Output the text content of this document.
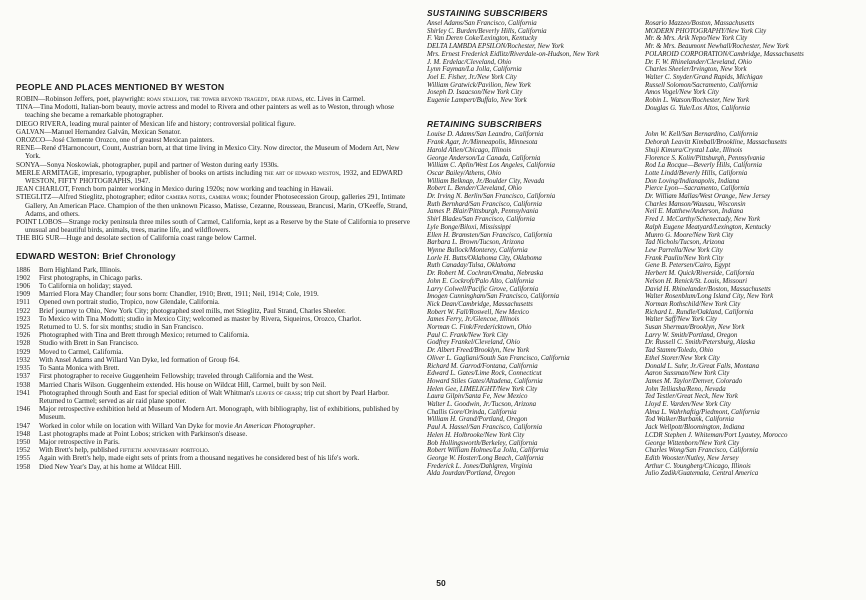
PEOPLE AND PLACES MENTIONED BY WESTON

ROBIN—Robinson Jeffers, poet, playwright: roan stallion, the tower beyond tragedy, dear judas, etc. Lives in Carmel.

TINA—Tina Modotti, Italian-born beauty, movie actress and model to Rivera and other painters as well as to Weston, through whose teaching she became a remarkable photographer.

DIEGO RIVERA, leading mural painter of Mexican life and history; controversial political figure.

GALVAN—Manuel Hernandez Galván, Mexican Senator.

OROZCO—José Clemente Orozco, one of greatest Mexican painters.

RENE—René d'Harnoncourt, Count, Austrian born, at that time living in Mexico City. Now director, the Museum of Modern Art, New York.

SONYA—Sonya Noskowiak, photographer, pupil and partner of Weston during early 1930s.

MERLE ARMITAGE, impresario, typographer, publisher of books on artists including the art of edward weston, 1932, and EDWARD WESTON, FIFTY PHOTOGRAPHS, 1947.

JEAN CHARLOT, French born painter working in Mexico during 1920s; now working and teaching in Hawaii.

STIEGLITZ—Alfred Stieglitz, photographer; editor camera notes, camera work; founder Photosecession Group, galleries 291, Intimate Gallery, An American Place. Champion of the then unknown Picasso, Matisse, Cezanne, Rousseau, Brancusi, Marin, O'Keeffe, Strand, Adams, and others.

POINT LOBOS—Strange rocky peninsula three miles south of Carmel, California, kept as a Reserve by the State of California to preserve unusual and beautiful birds, animals, trees, marine life, and wildflowers.

THE BIG SUR—Huge and desolate section of California coast range below Carmel.

EDWARD WESTON: Brief Chronology
1886	Born Highland Park, Illinois.
1902	First photographs, in Chicago parks.
1906	To California on holiday; stayed.
1909	Married Flora May Chandler; four sons born: Chandler, 1910; Brett, 1911; Neil, 1914; Cole, 1919.
1911	Opened own portrait studio, Tropico, now Glendale, California.
1922	Brief journey to Ohio, New York City; photographed steel mills, met Stieglitz, Paul Strand, Charles Sheeler.
1923	To Mexico with Tina Modotti; studio in Mexico City; welcomed as master by Rivera, Siqueiros, Orozco, Charlot.
1925	Returned to U. S. for six months; studio in San Francisco.
1926	Photographed with Tina and Brett through Mexico; returned to California.
1928	Studio with Brett in San Francisco.
1929	Moved to Carmel, California.
1932	With Ansel Adams and Willard Van Dyke, led formation of Group f64.
1935	To Santa Monica with Brett.
1937	First photographer to receive Guggenheim Fellowship; traveled through California and the West.
1938	Married Charis Wilson. Guggenheim extended. His house on Wildcat Hill, Carmel, built by son Neil.
1941	Photographed through South and East for special edition of Walt Whitman's leaves of grass; trip cut short by Pearl Harbor. Returned to Carmel; served as air raid plane spotter.
1946	Major retrospective exhibition held at Museum of Modern Art. Monograph, with bibliography, list of exhibitions, published by Museum.
1947	Worked in color while on location with Willard Van Dyke for movie An American Photographer.
1948	Last photographs made at Point Lobos; stricken with Parkinson's disease.
1950	Major retrospective in Paris.
1952	With Brett's help, published fiftieth anniversary portfolio.
1955	Again with Brett's help, made eight sets of prints from a thousand negatives he considered best of his life's work.
1958	Died New Year's Day, at his home at Wildcat Hill.
SUSTAINING SUBSCRIBERS
Ansel Adams/San Francisco, California
Shirley C. Burden/Beverly Hills, California
F. Van Deren Coke/Lexington, Kentucky
DELTA LAMBDA EPSILON/Rochester, New York
Mrs. Ernest Frederick Eidlitz/Riverdale-on-Hudson, New York
J. M. Erdelac/Cleveland, Ohio
Lynn Fayman/La Jolla, California
Joel E. Fisher, Jr./New York City
William Gratwick/Pavilion, New York
Joseph D. Isaacson/New York City
Eugenie Lampert/Buffalo, New York
Rosario Mazzeo/Boston, Massachusetts
MODERN PHOTOGRAPHY/New York City
Mr. & Mrs. Arik Nepo/New York City
Mr. & Mrs. Beaumont Newhall/Rochester, New York
POLAROID CORPORATION/Cambridge, Massachusetts
Dr. F. W. Rhinelander/Cleveland, Ohio
Charles Sheeler/Irvington, New York
Walter C. Snyder/Grand Rapids, Michigan
Russell Solomon/Sacramento, California
Amos Vogel/New York City
Robin L. Watson/Rochester, New York
Douglas G. Yule/Los Altos, California
RETAINING SUBSCRIBERS
Louise D. Adams/San Leandro, California
Frank Agar, Jr./Minneapolis, Minnesota
Harold Allen/Chicago, Illinois
George Anderson/La Canada, California
William C. Aplin/West Los Angeles, California
Oscar Bailey/Athens, Ohio
William Belknap, Jr./Boulder City, Nevada
Robert L. Bender/Cleveland, Ohio
Dr. Irving N. Berlin/San Francisco, California
Ruth Bernhard/San Francisco, California
James P. Blair/Pittsburgh, Pennsylvania
Shirl Blades/San Francisco, California
Lyle Bonge/Biloxi, Mississippi
Ellen H. Bramsten/San Francisco, California
Barbara L. Brown/Tucson, Arizona
Wynne Bullock/Monterey, California
Lorle H. Butts/Oklahoma City, Oklahoma
Ruth Canaday/Tulsa, Oklahoma
Dr. Robert M. Cochran/Omaha, Nebraska
John E. Cockroft/Palo Alto, California
Larry Colwell/Pacific Grove, California
Imogen Cunningham/San Francisco, California
Nick Dean/Cambridge, Massachusetts
Robert W. Fall/Roswell, New Mexico
James Ferry, Jr./Glencoe, Illinois
Norman C. Fink/Fredericktown, Ohio
Paul C. Frank/New York City
Godfrey Frankel/Cleveland, Ohio
Dr. Albert Freed/Brooklyn, New York
Oliver L. Gagliani/South San Francisco, California
Richard M. Garrod/Fontana, California
Edward L. Gates/Lime Rock, Connecticut
Howard Stiles Gates/Altadena, California
Helen Gee, LIMELIGHT/New York City
Laura Gilpin/Santa Fe, New Mexico
Walter L. Goodwin, Jr./Tucson, Arizona
Challis Gore/Orinda, California
William H. Grand/Portland, Oregon
Paul A. Hassel/San Francisco, California
Helen H. Holbrooke/New York City
Bob Hollingsworth/Berkeley, California
Robert William Holmes/La Jolla, California
George W. Hoster/Long Beach, California
Frederick L. Jones/Dahlgren, Virginia
Alda Jourdan/Portland, Oregon
John W. Kell/San Bernardino, California
Deborah Leavitt Kimball/Brookline, Massachusetts
Shuji Kimura/Crystal Lake, Illinois
Florence S. Kolin/Pittsburgh, Pennsylvania
Rod La Rocque—Beverly Hills, California
Lotte Lindd/Beverly Hills, California
Don Loving/Indianapolis, Indiana
Pierce Lyon—Sacramento, California
Dr. William Mallas/West Orange, New Jersey
Charles Manson/Wausau, Wisconsin
Neil E. Matthew/Anderson, Indiana
Fred J. McCarthy/Schenectady, New York
Ralph Eugene Meatyard/Lexington, Kentucky
Munro G. Moore/New York City
Tad Nichols/Tucson, Arizona
Lew Parrella/New York City
Frank Paulin/New York City
Gene B. Petersen/Cairo, Egypt
Herbert M. Quick/Riverside, California
Nelson H. Renick/St. Louis, Missouri
David H. Rhinelander/Boston, Massachusetts
Walter Rosenblum/Long Island City, New York
Norman Rothschild/New York City
Richard L. Rundle/Oakland, California
Walter Saff/New York City
Susan Sherman/Brooklyn, New York
Larry W. Smith/Portland, Oregon
Dr. Russell C. Smith/Petersburg, Alaska
Tad Stamm/Toledo, Ohio
Ethel Storer/New York City
Donald L. Suhr, Jr./Great Falls, Montana
Aaron Sussman/New York City
James M. Taylor/Denver, Colorado
John Telliasha/Reno, Nevada
Ted Testler/Great Neck, New York
Lloyd E. Varden/New York City
Alma L. Wahrhaftig/Piedmont, California
Tod Walker/Burbank, California
Jack Wellpott/Bloomington, Indiana
LCDR Stephen J. Whiteman/Port Lyautey, Morocco
George Wittenborn/New York City
Charles Wong/San Francisco, California
Edith Wooster/Nutley, New Jersey
Arthur C. Youngberg/Chicago, Illinois
Julio Zadik/Guatemala, Central America
50
